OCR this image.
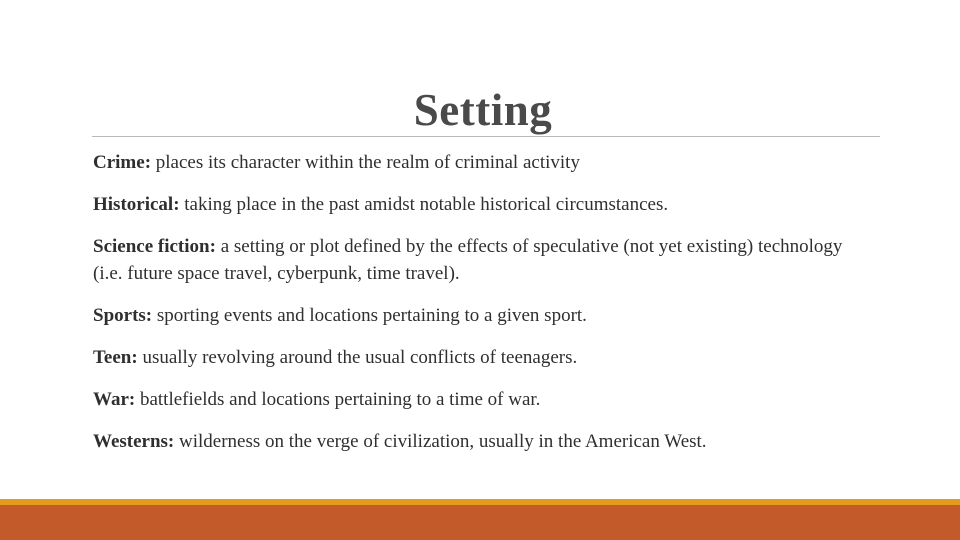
Setting
Crime: places its character within the realm of criminal activity
Historical: taking place in the past amidst notable historical circumstances.
Science fiction: a setting or plot defined by the effects of speculative (not yet existing) technology (i.e. future space travel, cyberpunk, time travel).
Sports: sporting events and locations pertaining to a given sport.
Teen: usually revolving around the usual conflicts of teenagers.
War: battlefields and locations pertaining to a time of war.
Westerns: wilderness on the verge of civilization, usually in the American West.
